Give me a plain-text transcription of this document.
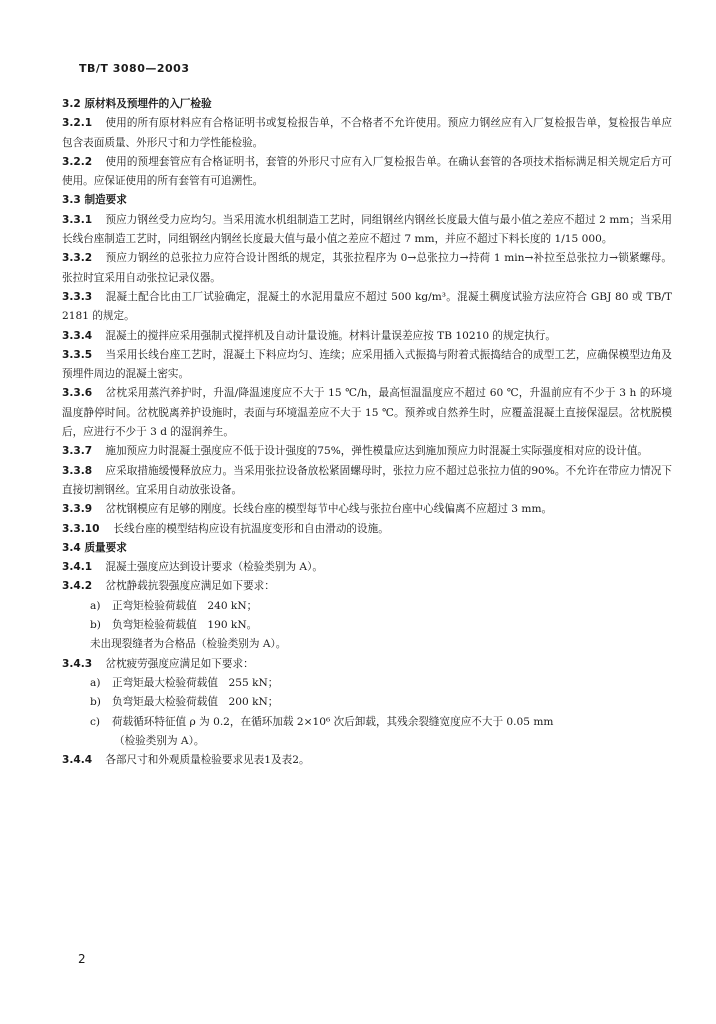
TB/T 3080—2003

3.2 原材料及预埋件的入厂检验

3.2.1 使用的所有原材料应有合格证明书或复检报告单，不合格者不允许使用。预应力钢丝应有入厂复检报告单，复检报告单应包含表面质量、外形尺寸和力学性能检验。

3.2.2 使用的预埋套管应有合格证明书，套管的外形尺寸应有入厂复检报告单。在确认套管的各项技术指标满足相关规定后方可使用。应保证使用的所有套管有可追溯性。

3.3 制造要求

3.3.1 预应力钢丝受力应均匀。当采用流水机组制造工艺时，同组钢丝内钢丝长度最大值与最小值之差应不超过 2 mm；当采用长线台座制造工艺时，同组钢丝内钢丝长度最大值与最小值之差应不超过 7 mm，并应不超过下料长度的 1/15 000。

3.3.2 预应力钢丝的总张拉力应符合设计图纸的规定，其张拉程序为 0→总张拉力→持荷 1 min→补拉至总张拉力→锁紧螺母。张拉时宜采用自动张拉记录仪器。

3.3.3 混凝土配合比由工厂试验确定，混凝土的水泥用量应不超过 500 kg/m³。混凝土稠度试验方法应符合 GBJ 80 或 TB/T 2181 的规定。

3.3.4 混凝土的搅拌应采用强制式搅拌机及自动计量设施。材料计量误差应按 TB 10210 的规定执行。

3.3.5 当采用长线台座工艺时，混凝土下料应均匀、连续；应采用插入式振捣与附着式振捣结合的成型工艺，应确保模型边角及预埋件周边的混凝土密实。

3.3.6 岔枕采用蒸汽养护时，升温/降温速度应不大于 15 ℃/h，最高恒温温度应不超过 60 ℃，升温前应有不少于 3 h 的环境温度静停时间。岔枕脱离养护设施时，表面与环境温差应不大于 15 ℃。预养或自然养生时，应覆盖混凝土直接保湿层。岔枕脱模后，应进行不少于 3 d 的湿润养生。

3.3.7 施加预应力时混凝土强度应不低于设计强度的75%，弹性模量应达到施加预应力时混凝土实际强度相对应的设计值。

3.3.8 应采取措施缓慢释放应力。当采用张拉设备放松紧固螺母时，张拉力应不超过总张拉力值的90%。不允许在带应力情况下直接切割钢丝。宜采用自动放张设备。

3.3.9 岔枕钢模应有足够的刚度。长线台座的模型每节中心线与张拉台座中心线偏离不应超过 3 mm。

3.3.10 长线台座的模型结构应设有抗温度变形和自由滑动的设施。

3.4 质量要求

3.4.1 混凝土强度应达到设计要求（检验类别为 A）。

3.4.2 岔枕静载抗裂强度应满足如下要求：

a) 正弯矩检验荷载值　240 kN；

b) 负弯矩检验荷载值　190 kN。

未出现裂缝者为合格品（检验类别为 A）。

3.4.3 岔枕疲劳强度应满足如下要求：

a) 正弯矩最大检验荷载值　255 kN；

b) 负弯矩最大检验荷载值　200 kN；

c) 荷载循环特征值 ρ 为 0.2，在循环加载 2×10⁶ 次后卸载，其残余裂缝宽度应不大于 0.05 mm

（检验类别为 A）。

3.4.4 各部尺寸和外观质量检验要求见表1及表2。

2
